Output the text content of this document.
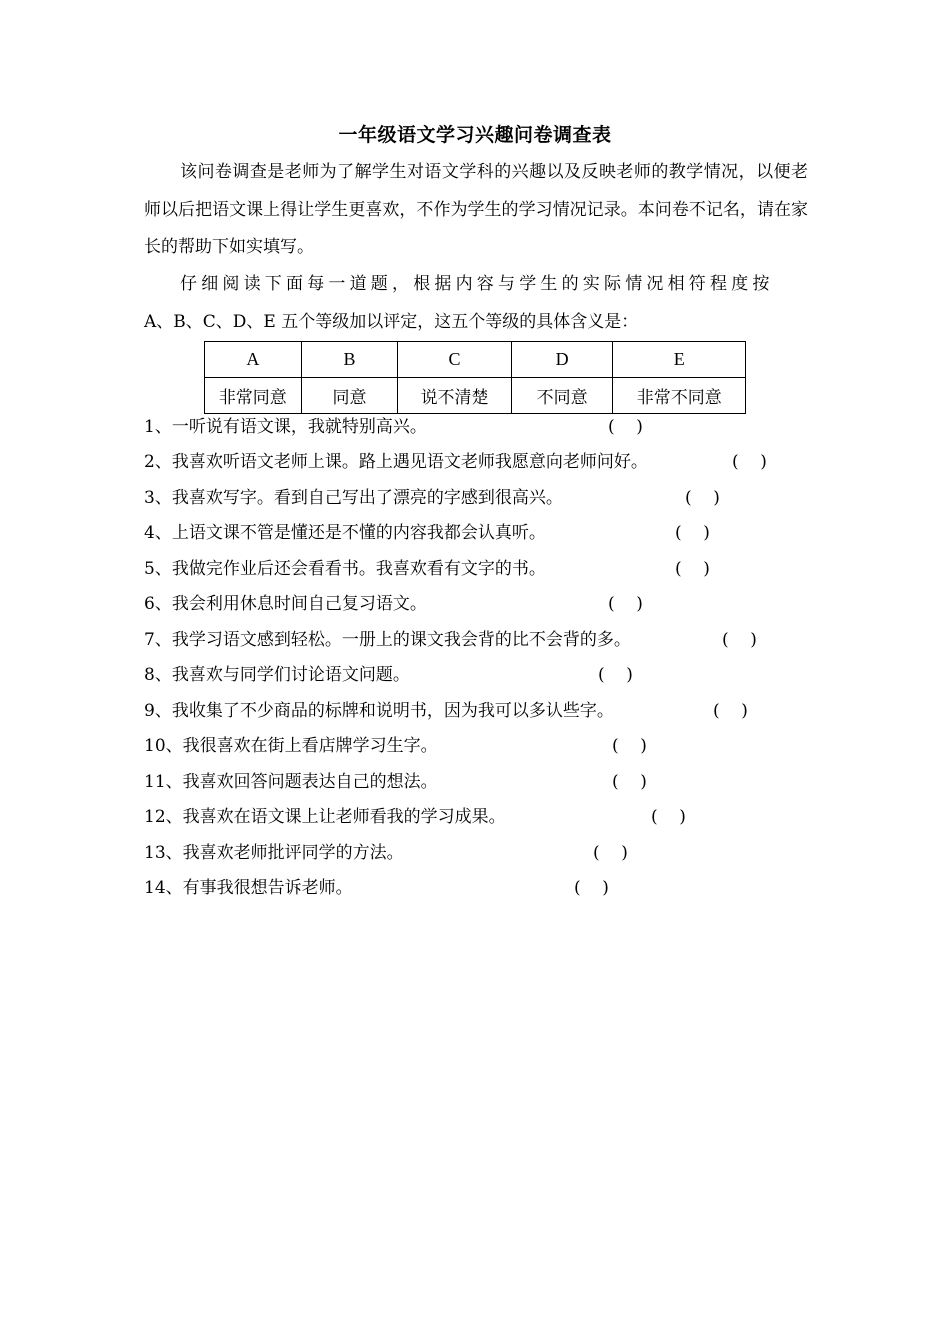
一年级语文学习兴趣问卷调查表
该问卷调查是老师为了解学生对语文学科的兴趣以及反映老师的教学情况，以便老师以后把语文课上得让学生更喜欢，不作为学生的学习情况记录。本问卷不记名，请在家长的帮助下如实填写。
仔细阅读下面每一道题，根据内容与学生的实际情况相符程度按
A、B、C、D、E 五个等级加以评定，这五个等级的具体含义是：
A	B	C	D	E
非常同意	同意	说不清楚	不同意	非常不同意
1、一听说有语文课，我就特别高兴。	(    )
2、我喜欢听语文老师上课。路上遇见语文老师我愿意向老师问好。	(    )
3、我喜欢写字。看到自己写出了漂亮的字感到很高兴。	(    )
4、上语文课不管是懂还是不懂的内容我都会认真听。	(    )
5、我做完作业后还会看看书。我喜欢看有文字的书。	(    )
6、我会利用休息时间自己复习语文。	(    )
7、我学习语文感到轻松。一册上的课文我会背的比不会背的多。	(    )
8、我喜欢与同学们讨论语文问题。	(    )
9、我收集了不少商品的标牌和说明书，因为我可以多认些字。	(    )
10、我很喜欢在街上看店牌学习生字。	(    )
11、我喜欢回答问题表达自己的想法。	(    )
12、我喜欢在语文课上让老师看我的学习成果。	(    )
13、我喜欢老师批评同学的方法。	(    )
14、有事我很想告诉老师。	(    )
